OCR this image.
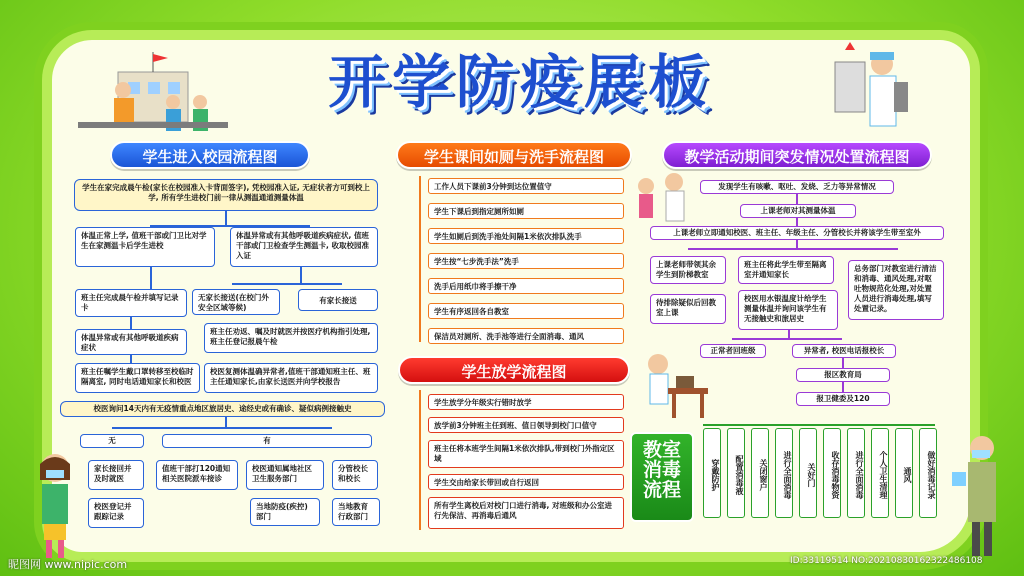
开学防疫展板
学生进入校园流程图
学生在家完成晨午检(家长在校园准入卡背面签字), 凭校园准入证, 无症状者方可到校上学, 所有学生进校门前一律从测温通道测量体温
体温正常上学, 值班干部或门卫比对学生在家测温卡后学生进校
体温异常或有其他呼吸道疾病症状, 值班干部或门卫检查学生测温卡, 收取校园准入证
班主任完成晨午检并填写记录卡
无家长接送(在校门外安全区域等候)
有家长接送
体温异常或有其他呼吸道疾病症状
班主任劝返、嘱及时就医并按医疗机构指引处理, 班主任登记报晨午检
班主任嘱学生戴口罩转移至校临时隔离室, 同时电话通知家长和校医
校医复测体温确异常者,值班干部通知班主任、班主任通知家长,由家长送医并向学校报告
校医询问14天内有无疫情重点地区旅居史、途经史或有确诊、疑似病例接触史
无	有
家长接回并及时就医
校医登记并跟踪记录
值班干部打120通知相关医院派车接诊
校医通知属地社区卫生服务部门
分管校长和校长
当地防疫(疾控)部门
当地教育行政部门
学生课间如厕与洗手流程图
工作人员下课前3分钟到达位置值守
学生下课后到指定厕所如厕
学生如厕后到洗手池处间隔1米依次排队洗手
学生按“七步洗手法”洗手
洗手后用纸巾将手擦干净
学生有序返回各自教室
保洁员对厕所、洗手池等进行全面消毒、通风
学生放学流程图
学生放学分年级实行错时放学
放学前3分钟班主任到班、值日领导到校门口值守
班主任将本班学生间隔1米依次排队,带到校门外指定区域
学生交由给家长带回或自行返回
所有学生离校后对校门口进行消毒, 对班级和办公室进行先保洁、再消毒后通风
教学活动期间突发情况处置流程图
发现学生有咳嗽、呕吐、发烧、乏力等异常情况
上课老师对其测量体温
上课老师立即通知校医、班主任、年级主任、分管校长并将该学生带至室外
上课老师带领其余学生到阶梯教室
班主任将此学生带至隔离室并通知家长
总务部门对教室进行清洁和消毒、通风处理,对呕吐物规范化处理,对处置人员进行消毒处理,填写处置记录。
待排除疑似后回教室上课
校医用水银温度计给学生测量体温并询问该学生有无接触史和旅居史
正常者回班级	异常者, 校医电话报校长
报区教育局
报卫健委及120
教室消毒流程	穿戴防护	配置消毒液	关闭窗户	进行全面消毒	关好门	收存消毒物资	进行全面消毒	个人卫生清理	通风	做好消毒记录
昵图网 www.nipic.com	ID:33119514 NO:20210830162322486108
